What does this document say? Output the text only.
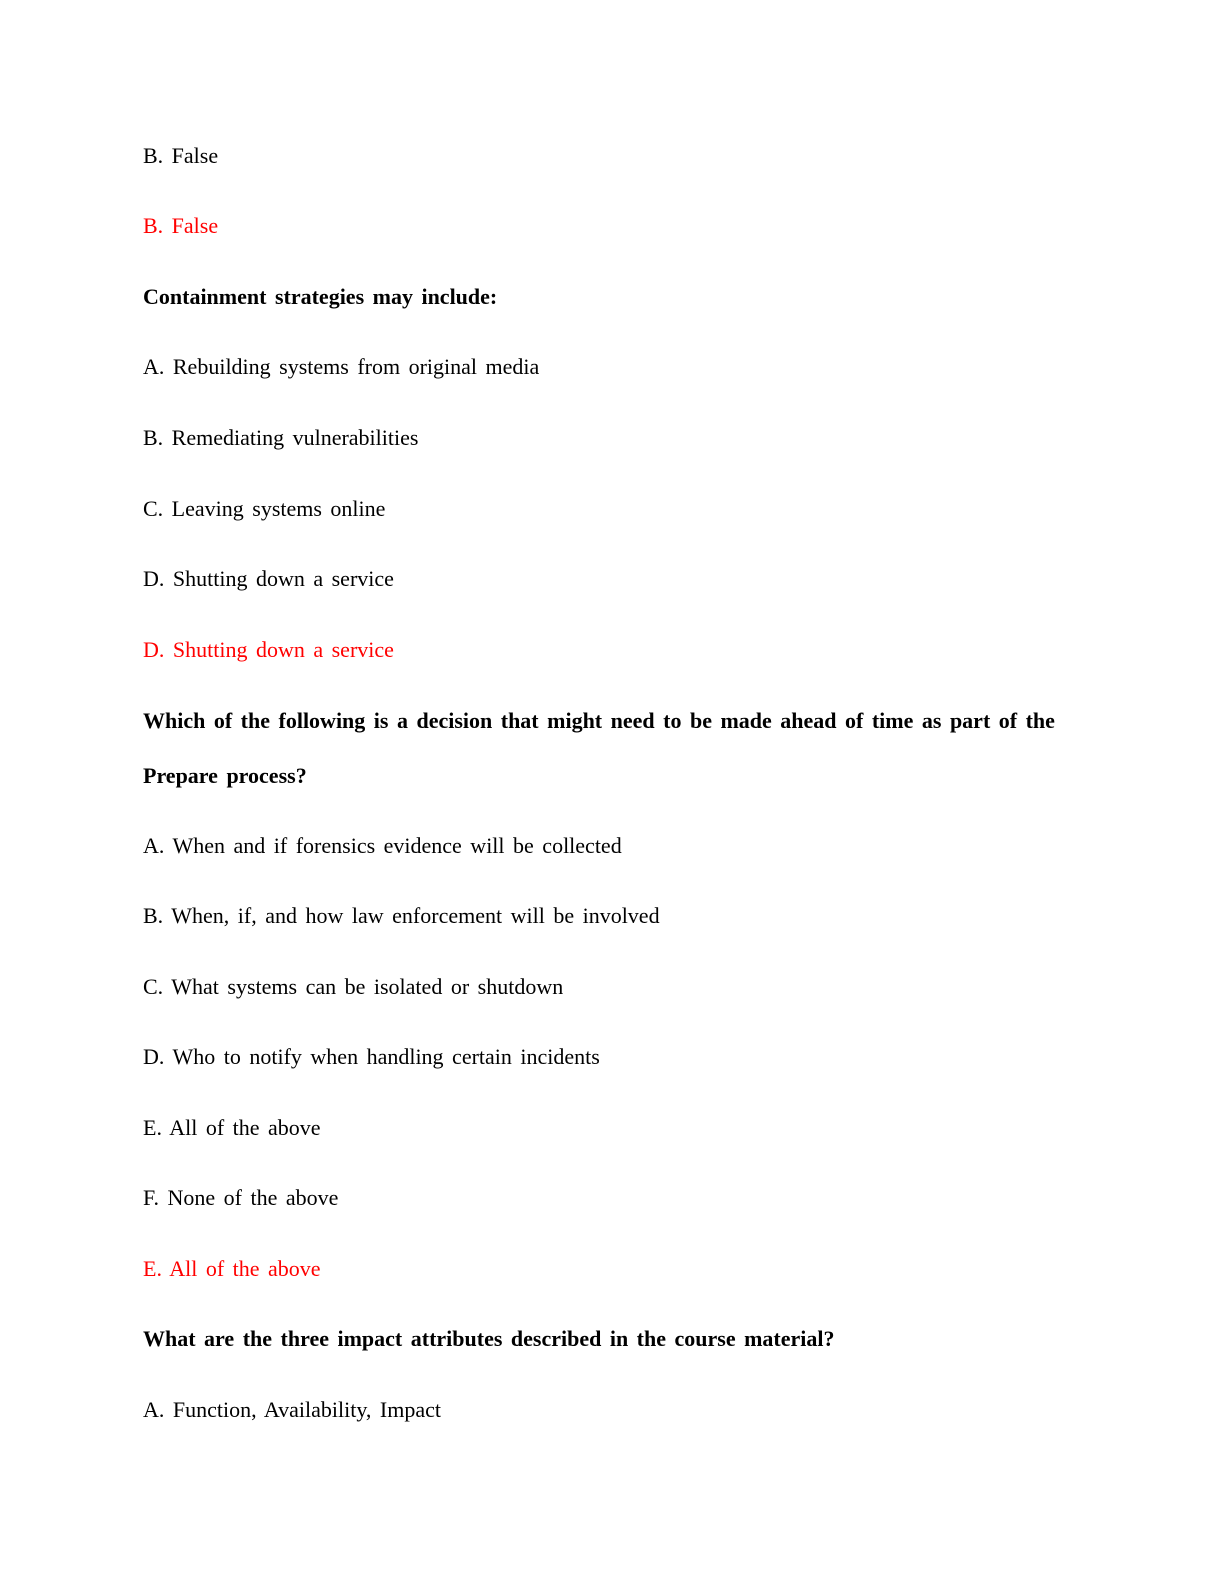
B. False
B. False
Containment strategies may include:
A. Rebuilding systems from original media
B. Remediating vulnerabilities
C. Leaving systems online
D. Shutting down a service
D. Shutting down a service
Which of the following is a decision that might need to be made ahead of time as part of the
Prepare process?
A. When and if forensics evidence will be collected
B. When, if, and how law enforcement will be involved
C. What systems can be isolated or shutdown
D. Who to notify when handling certain incidents
E. All of the above
F. None of the above
E. All of the above
What are the three impact attributes described in the course material?
A. Function, Availability, Impact
